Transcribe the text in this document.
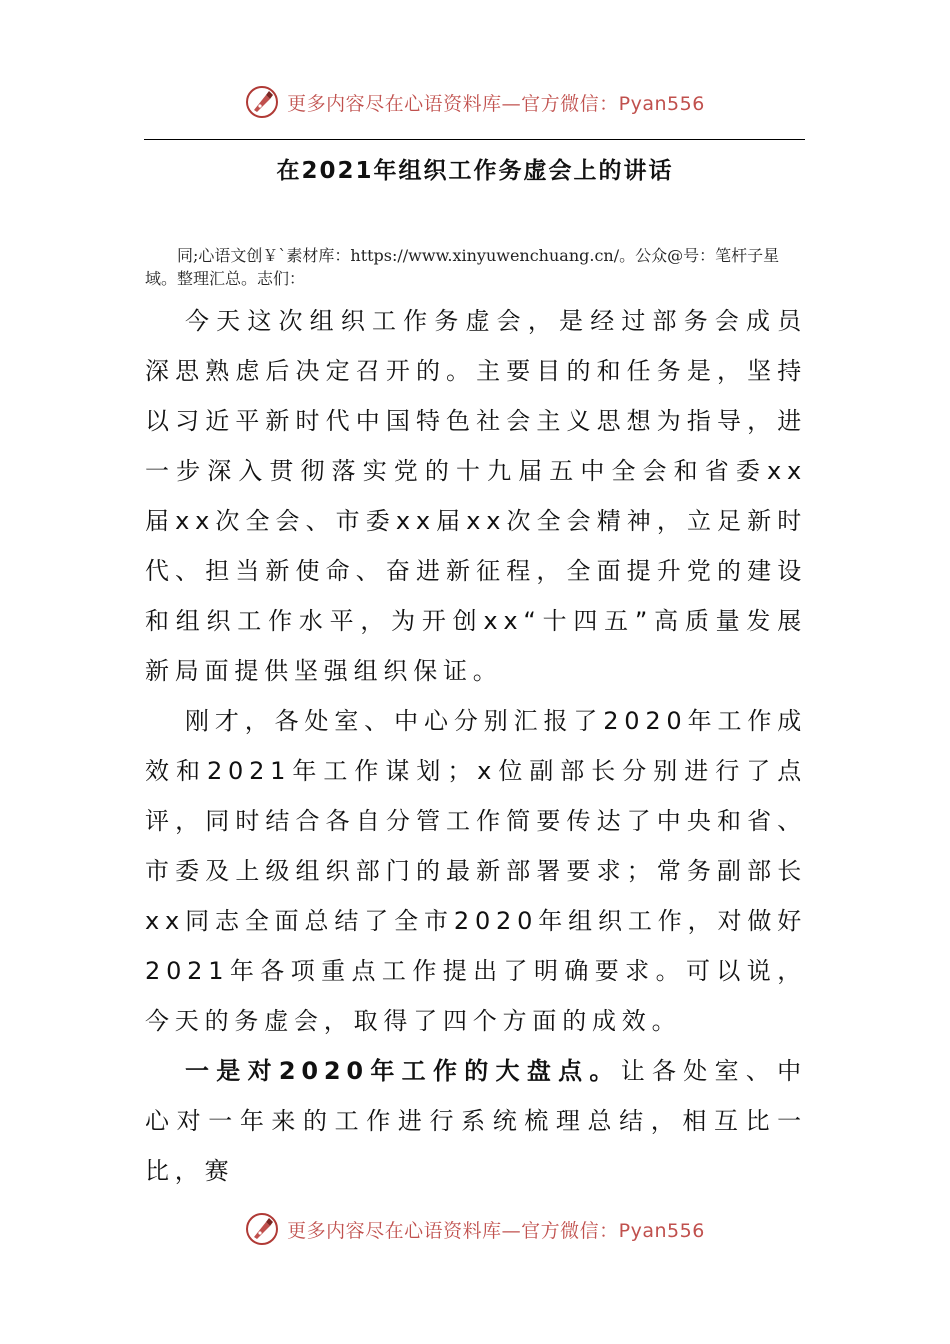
更多内容尽在心语资料库—官方微信：Pyan556
在2021年组织工作务虚会上的讲话
同;心语文创￥`素材库：https://www.xinyuwenchuang.cn/。公众@号：笔杆子星域。整理汇总。志们：

今天这次组织工作务虚会，是经过部务会成员深思熟虑后决定召开的。主要目的和任务是，坚持以习近平新时代中国特色社会主义思想为指导，进一步深入贯彻落实党的十九届五中全会和省委xx届xx次全会、市委xx届xx次全会精神，立足新时代、担当新使命、奋进新征程，全面提升党的建设和组织工作水平，为开创xx“十四五”高质量发展新局面提供坚强组织保证。

刚才，各处室、中心分别汇报了2020年工作成效和2021年工作谋划；x位副部长分别进行了点评，同时结合各自分管工作简要传达了中央和省、市委及上级组织部门的最新部署要求；常务副部长xx同志全面总结了全市2020年组织工作，对做好2021年各项重点工作提出了明确要求。可以说，今天的务虚会，取得了四个方面的成效。

一是对2020年工作的大盘点。让各处室、中心对一年来的工作进行系统梳理总结，相互比一比，赛

更多内容尽在心语资料库—官方微信：Pyan556
